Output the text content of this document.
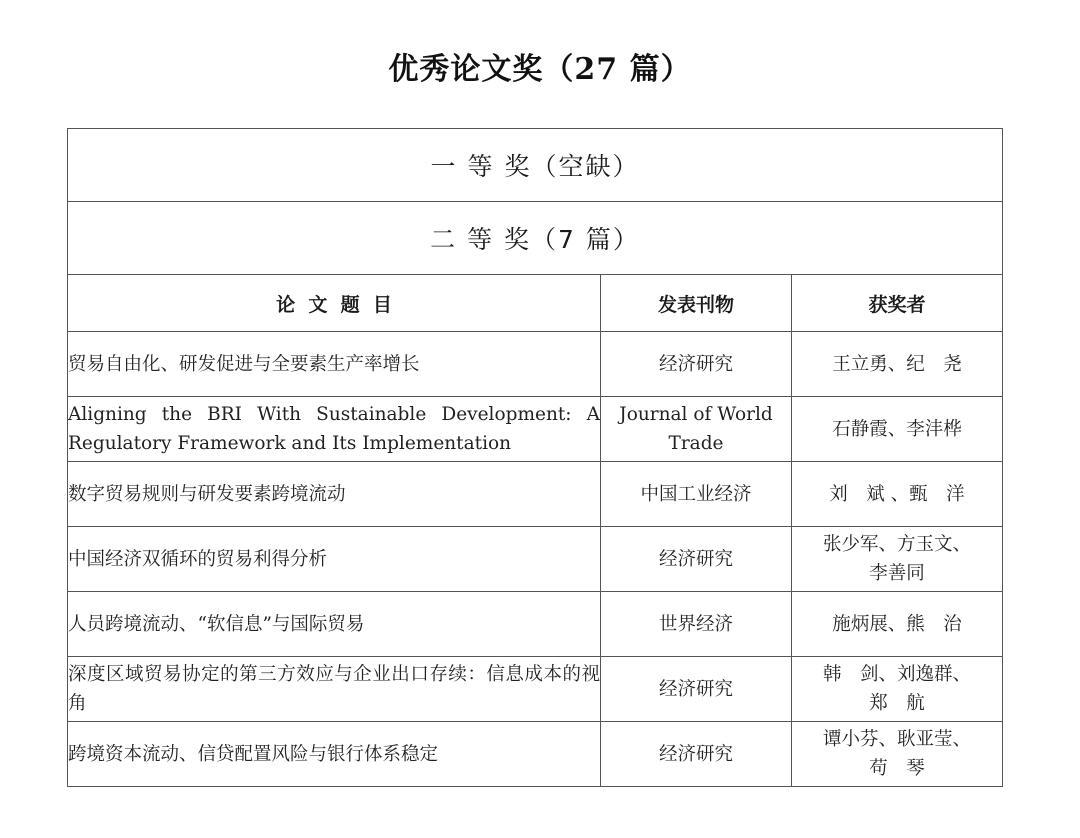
优秀论文奖（27 篇）
一 等 奖（空缺）		
二 等 奖（7 篇）		
论  文  题  目	发表刊物	获奖者
贸易自由化、研发促进与全要素生产率增长	经济研究	王立勇、纪　尧
Aligning the BRI With Sustainable Development: A Regulatory Framework and Its Implementation	Journal of World Trade	石静霞、李沣桦
数字贸易规则与研发要素跨境流动	中国工业经济	刘　斌 、甄　洋
中国经济双循环的贸易利得分析	经济研究	张少军、方玉文、李善同
人员跨境流动、“软信息”与国际贸易	世界经济	施炳展、熊　治
深度区域贸易协定的第三方效应与企业出口存续：信息成本的视角	经济研究	韩　剑、刘逸群、郑　航
跨境资本流动、信贷配置风险与银行体系稳定	经济研究	谭小芬、耿亚莹、苟　琴
